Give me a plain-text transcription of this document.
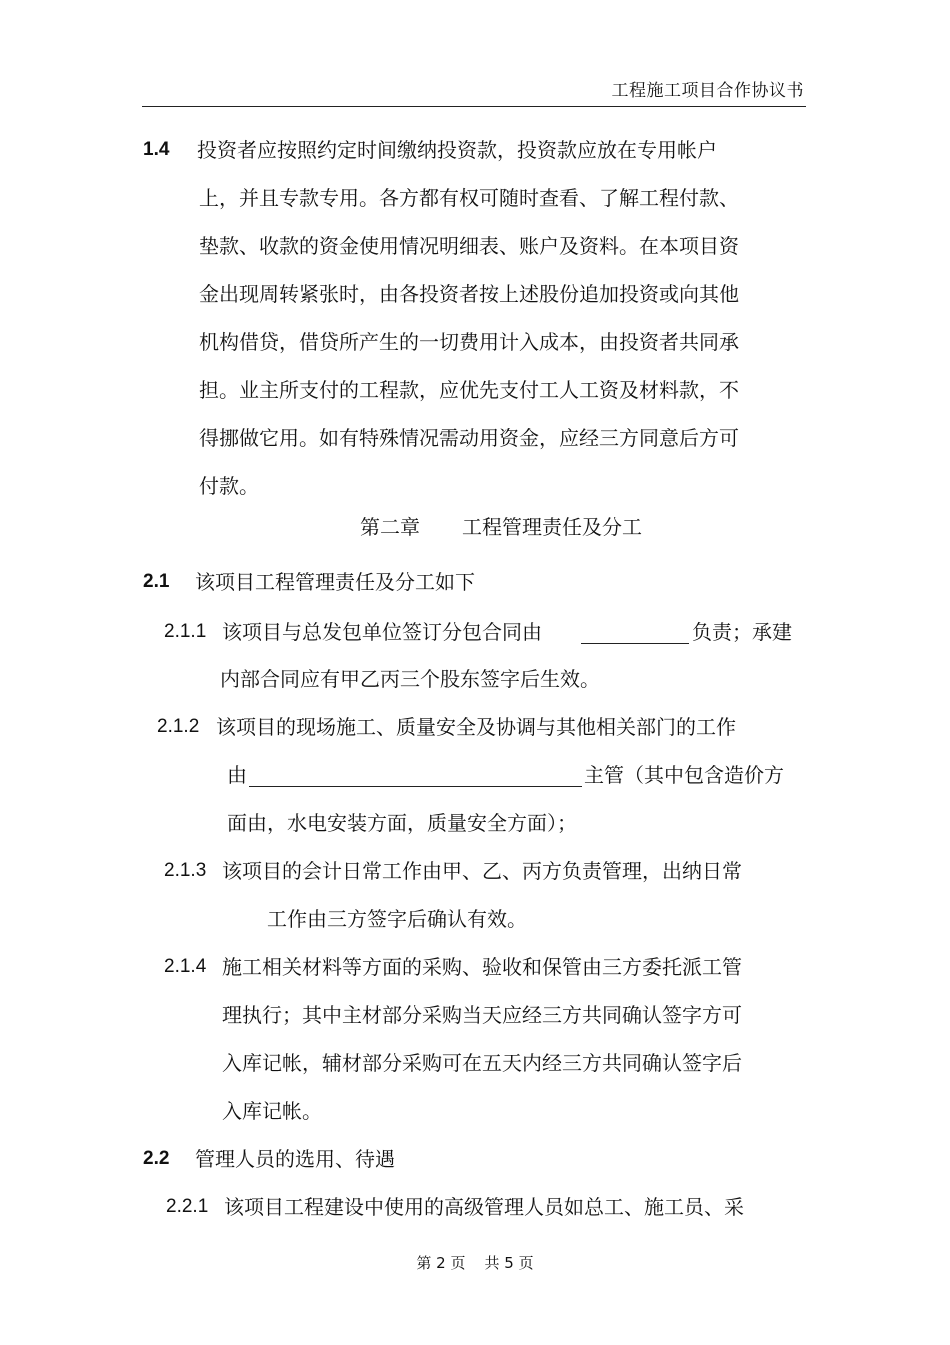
工程施工项目合作协议书
1.4 投资者应按照约定时间缴纳投资款，投资款应放在专用帐户
上，并且专款专用。各方都有权可随时查看、了解工程付款、
垫款、收款的资金使用情况明细表、账户及资料。在本项目资
金出现周转紧张时，由各投资者按上述股份追加投资或向其他
机构借贷，借贷所产生的一切费用计入成本，由投资者共同承
担。业主所支付的工程款，应优先支付工人工资及材料款，不
得挪做它用。如有特殊情况需动用资金，应经三方同意后方可
付款。
第二章 工程管理责任及分工
2.1 该项目工程管理责任及分工如下
2.1.1 该项目与总发包单位签订分包合同由	负责；承建
内部合同应有甲乙丙三个股东签字后生效。
2.1.2 该项目的现场施工、质量安全及协调与其他相关部门的工作
由	主管（其中包含造价方
面由，水电安装方面，质量安全方面）；
2.1.3 该项目的会计日常工作由甲、乙、丙方负责管理，出纳日常
工作由三方签字后确认有效。
2.1.4 施工相关材料等方面的采购、验收和保管由三方委托派工管
理执行；其中主材部分采购当天应经三方共同确认签字方可
入库记帐，辅材部分采购可在五天内经三方共同确认签字后
入库记帐。
2.2 管理人员的选用、待遇
2.2.1 该项目工程建设中使用的高级管理人员如总工、施工员、采
第 2 页 共 5 页
